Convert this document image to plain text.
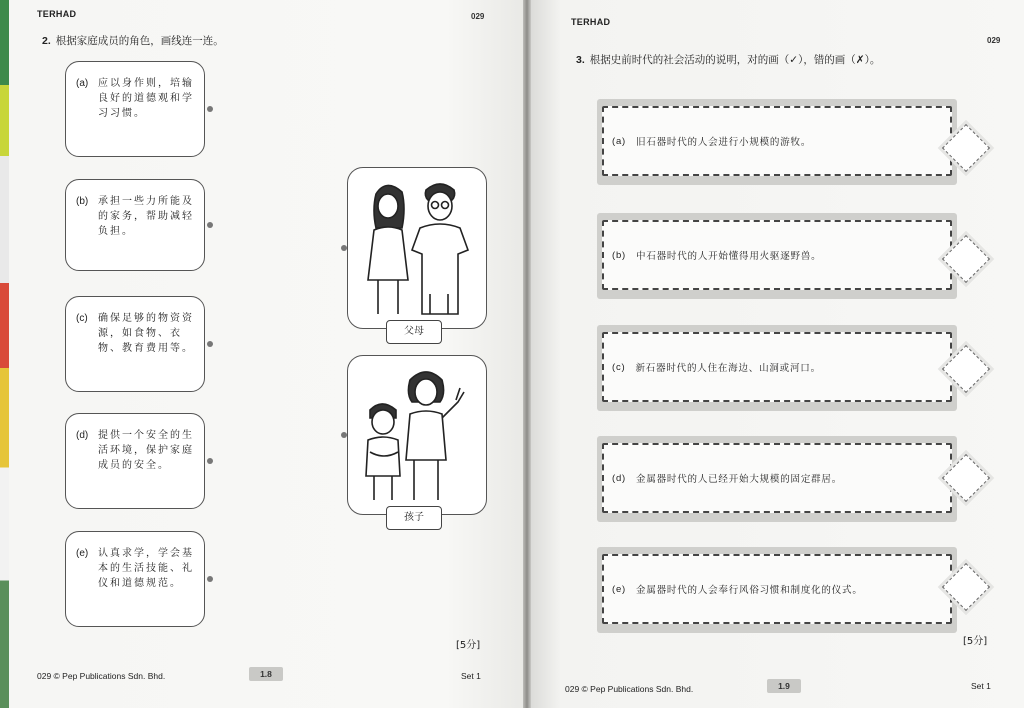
TERHAD	029
2. 根据家庭成员的角色，画线连一连。
(a) 应以身作则，培输良好的道德观和学习习惯。
(b) 承担一些力所能及的家务，帮助减轻负担。
(c)	确保足够的物资资源，如食物、衣物、教育费用等。
(d) 提供一个安全的生活环境，保护家庭成员的安全。
(e) 认真求学，学会基本的生活技能、礼仪和道德规范。
父母
孩子
[5分]
029 © Pep Publications Sdn. Bhd.	1.8	Set 1
TERHAD
029
3. 根据史前时代的社会活动的说明，对的画（✓），错的画（✗）。
(a) 旧石器时代的人会进行小规模的游牧。
(b) 中石器时代的人开始懂得用火驱逐野兽。
(c) 新石器时代的人住在海边、山洞或河口。
(d) 金属器时代的人已经开始大规模的固定群居。
(e) 金属器时代的人会奉行风俗习惯和制度化的仪式。
[5分]
029 © Pep Publications Sdn. Bhd.	1.9	Set 1
